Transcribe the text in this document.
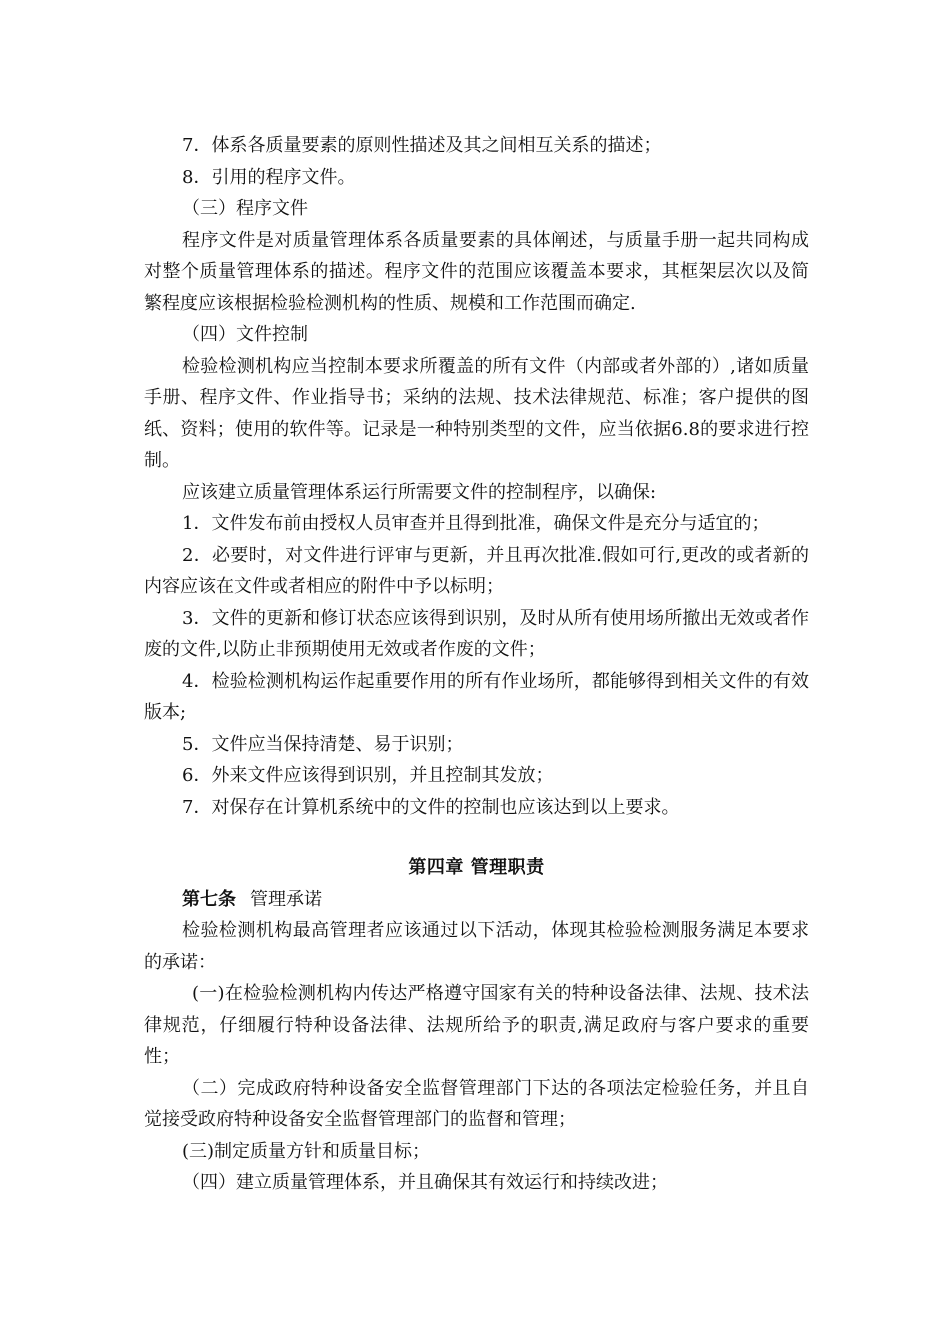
7．体系各质量要素的原则性描述及其之间相互关系的描述；

8．引用的程序文件。

（三）程序文件

程序文件是对质量管理体系各质量要素的具体阐述，与质量手册一起共同构成对整个质量管理体系的描述。程序文件的范围应该覆盖本要求，其框架层次以及简繁程度应该根据检验检测机构的性质、规模和工作范围而确定.

（四）文件控制

检验检测机构应当控制本要求所覆盖的所有文件（内部或者外部的）,诸如质量手册、程序文件、作业指导书；采纳的法规、技术法律规范、标准；客户提供的图纸、资料；使用的软件等。记录是一种特别类型的文件，应当依据6.8的要求进行控制。

应该建立质量管理体系运行所需要文件的控制程序，以确保:

1．文件发布前由授权人员审查并且得到批准，确保文件是充分与适宜的；

2．必要时，对文件进行评审与更新，并且再次批准.假如可行,更改的或者新的内容应该在文件或者相应的附件中予以标明；

3．文件的更新和修订状态应该得到识别，及时从所有使用场所撤出无效或者作废的文件,以防止非预期使用无效或者作废的文件；

4．检验检测机构运作起重要作用的所有作业场所，都能够得到相关文件的有效版本;

5．文件应当保持清楚、易于识别；

6．外来文件应该得到识别，并且控制其发放；

7．对保存在计算机系统中的文件的控制也应该达到以上要求。

第四章 管理职责

第七条 管理承诺

检验检测机构最高管理者应该通过以下活动，体现其检验检测服务满足本要求的承诺：

(一)在检验检测机构内传达严格遵守国家有关的特种设备法律、法规、技术法律规范，仔细履行特种设备法律、法规所给予的职责,满足政府与客户要求的重要性；

（二）完成政府特种设备安全监督管理部门下达的各项法定检验任务，并且自觉接受政府特种设备安全监督管理部门的监督和管理；

(三)制定质量方针和质量目标；

（四）建立质量管理体系，并且确保其有效运行和持续改进；
